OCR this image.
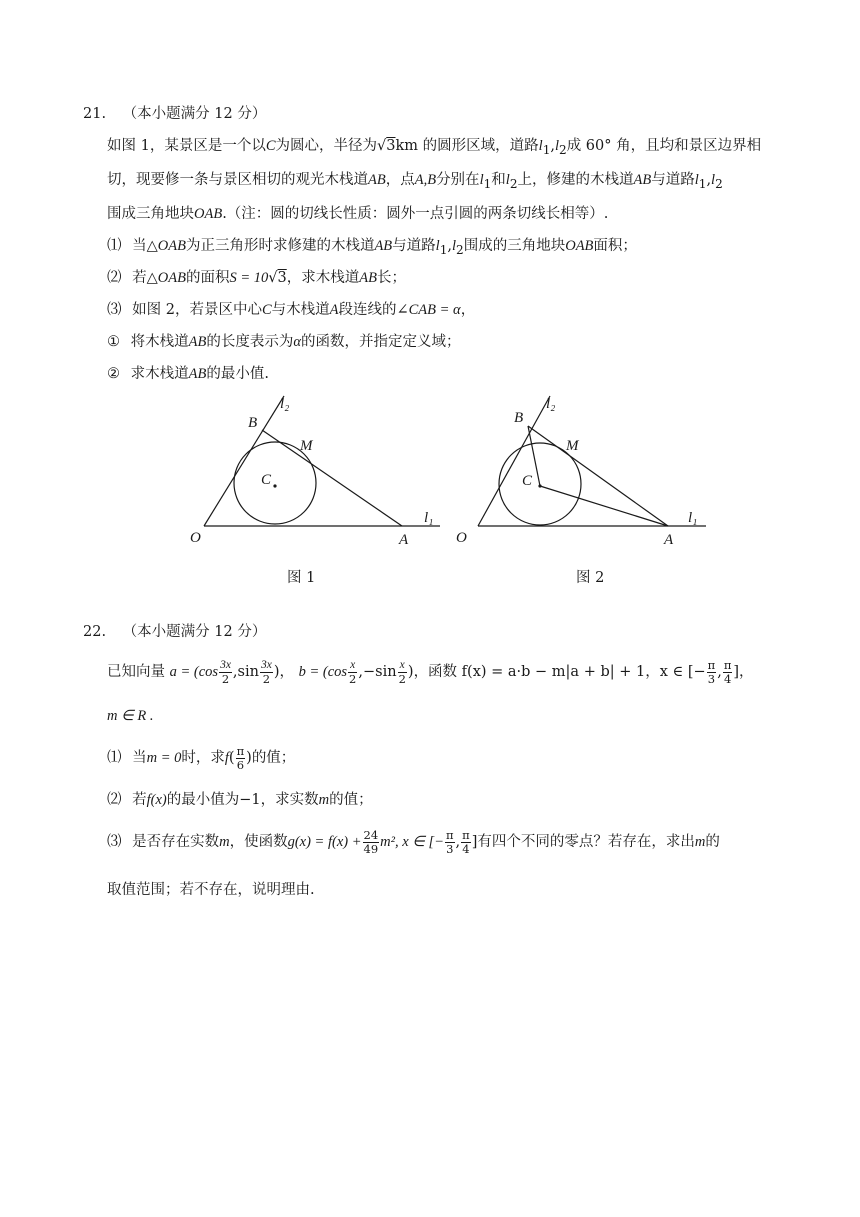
21. （本小题满分 12 分）
如图 1，某景区是一个以C为圆心，半径为√3km 的圆形区域，道路$l_1,l_2$成 60° 角，且均和景区边界相
切，现要修一条与景区相切的观光木栈道AB，点A,B分别在$l_1$和$l_2$上，修建的木栈道AB与道路$l_1,l_2$
围成三角地块OAB.（注：圆的切线长性质：圆外一点引圆的两条切线长相等）.
⑴ 当△OAB为正三角形时求修建的木栈道AB与道路$l_1,l_2$围成的三角地块OAB面积；
⑵ 若△OAB的面积S = 10√3，求木栈道AB长；
⑶ 如图 2，若景区中心C与木栈道A段连线的∠CAB = α，
① 将木栈道AB的长度表示为α的函数，并指定定义域；
② 求木栈道AB的最小值.
B
M
C
O	A
l₁
l₂
B
M
C
O	A
l₁
l₂
图 1	图 2
22. （本小题满分 12 分）
已知向量 $a = (\cos \frac{3x}{2} ,\sin \frac{3x}{2}$ )， $b = (\cos \frac{x}{2} ,-\sin \frac{x}{2}$ )，函数 f(x) = a·b − m|a + b| + 1，x ∈ [− $\frac{\pi}{3}$ , $\frac{\pi}{4}$ ]，
m ∈ R .
⑴ 当m = 0时，求$f( \frac{\pi}{6}$ )的值；
⑵ 若f(x)的最小值为−1，求实数m的值；
⑶ 是否存在实数m，使函数$g(x) = f(x) + \frac{24}{49} m^2$, x ∈ [− $\frac{\pi}{3}$ , $\frac{\pi}{4}$ ]有四个不同的零点？若存在，求出m的
取值范围；若不存在，说明理由.
